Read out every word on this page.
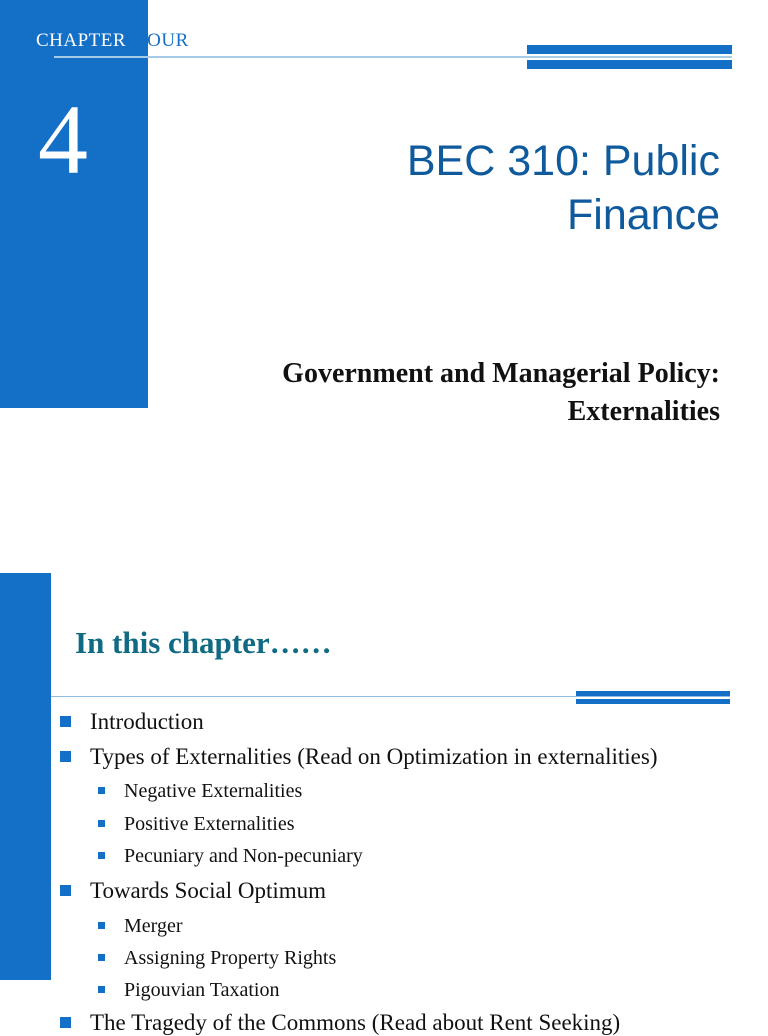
CHAPTER FOUR
4	BEC 310: Public
Finance
Government and Managerial Policy:
Externalities
In this chapter……
Introduction
Types of Externalities (Read on Optimization in externalities)
Negative Externalities
Positive Externalities
Pecuniary and Non-pecuniary
Towards Social Optimum
Merger
Assigning Property Rights
Pigouvian Taxation
The Tragedy of the Commons (Read about Rent Seeking)
